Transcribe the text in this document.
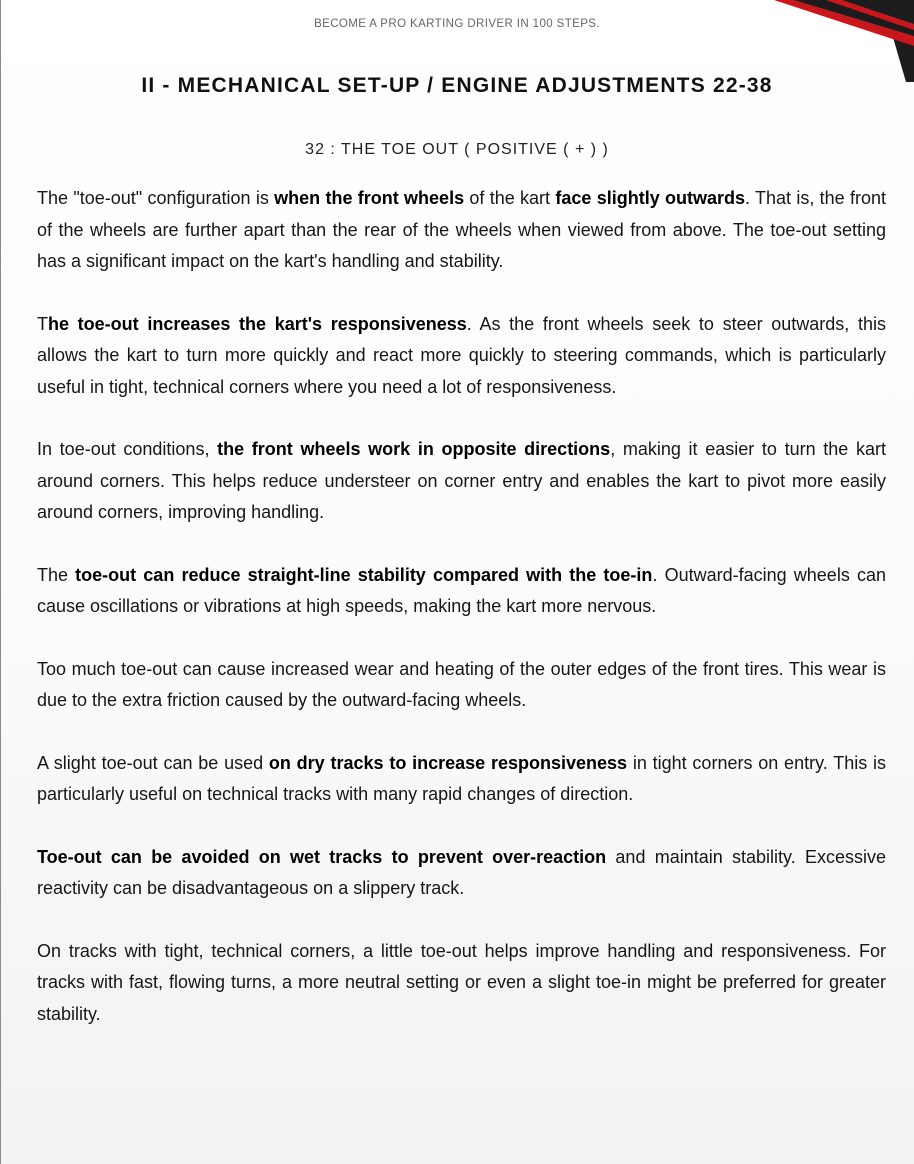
BECOME A PRO KARTING DRIVER IN 100 STEPS.
II - MECHANICAL SET-UP / ENGINE ADJUSTMENTS 22-38
32 : THE TOE OUT ( POSITIVE ( + ) )

The "toe-out" configuration is when the front wheels of the kart face slightly outwards. That is, the front of the wheels are further apart than the rear of the wheels when viewed from above. The toe-out setting has a significant impact on the kart's handling and stability.

The toe-out increases the kart's responsiveness. As the front wheels seek to steer outwards, this allows the kart to turn more quickly and react more quickly to steering commands, which is particularly useful in tight, technical corners where you need a lot of responsiveness.

In toe-out conditions, the front wheels work in opposite directions, making it easier to turn the kart around corners. This helps reduce understeer on corner entry and enables the kart to pivot more easily around corners, improving handling.

The toe-out can reduce straight-line stability compared with the toe-in. Outward-facing wheels can cause oscillations or vibrations at high speeds, making the kart more nervous.

Too much toe-out can cause increased wear and heating of the outer edges of the front tires. This wear is due to the extra friction caused by the outward-facing wheels.

A slight toe-out can be used on dry tracks to increase responsiveness in tight corners on entry. This is particularly useful on technical tracks with many rapid changes of direction.

Toe-out can be avoided on wet tracks to prevent over-reaction and maintain stability. Excessive reactivity can be disadvantageous on a slippery track.

On tracks with tight, technical corners, a little toe-out helps improve handling and responsiveness. For tracks with fast, flowing turns, a more neutral setting or even a slight toe-in might be preferred for greater stability.
